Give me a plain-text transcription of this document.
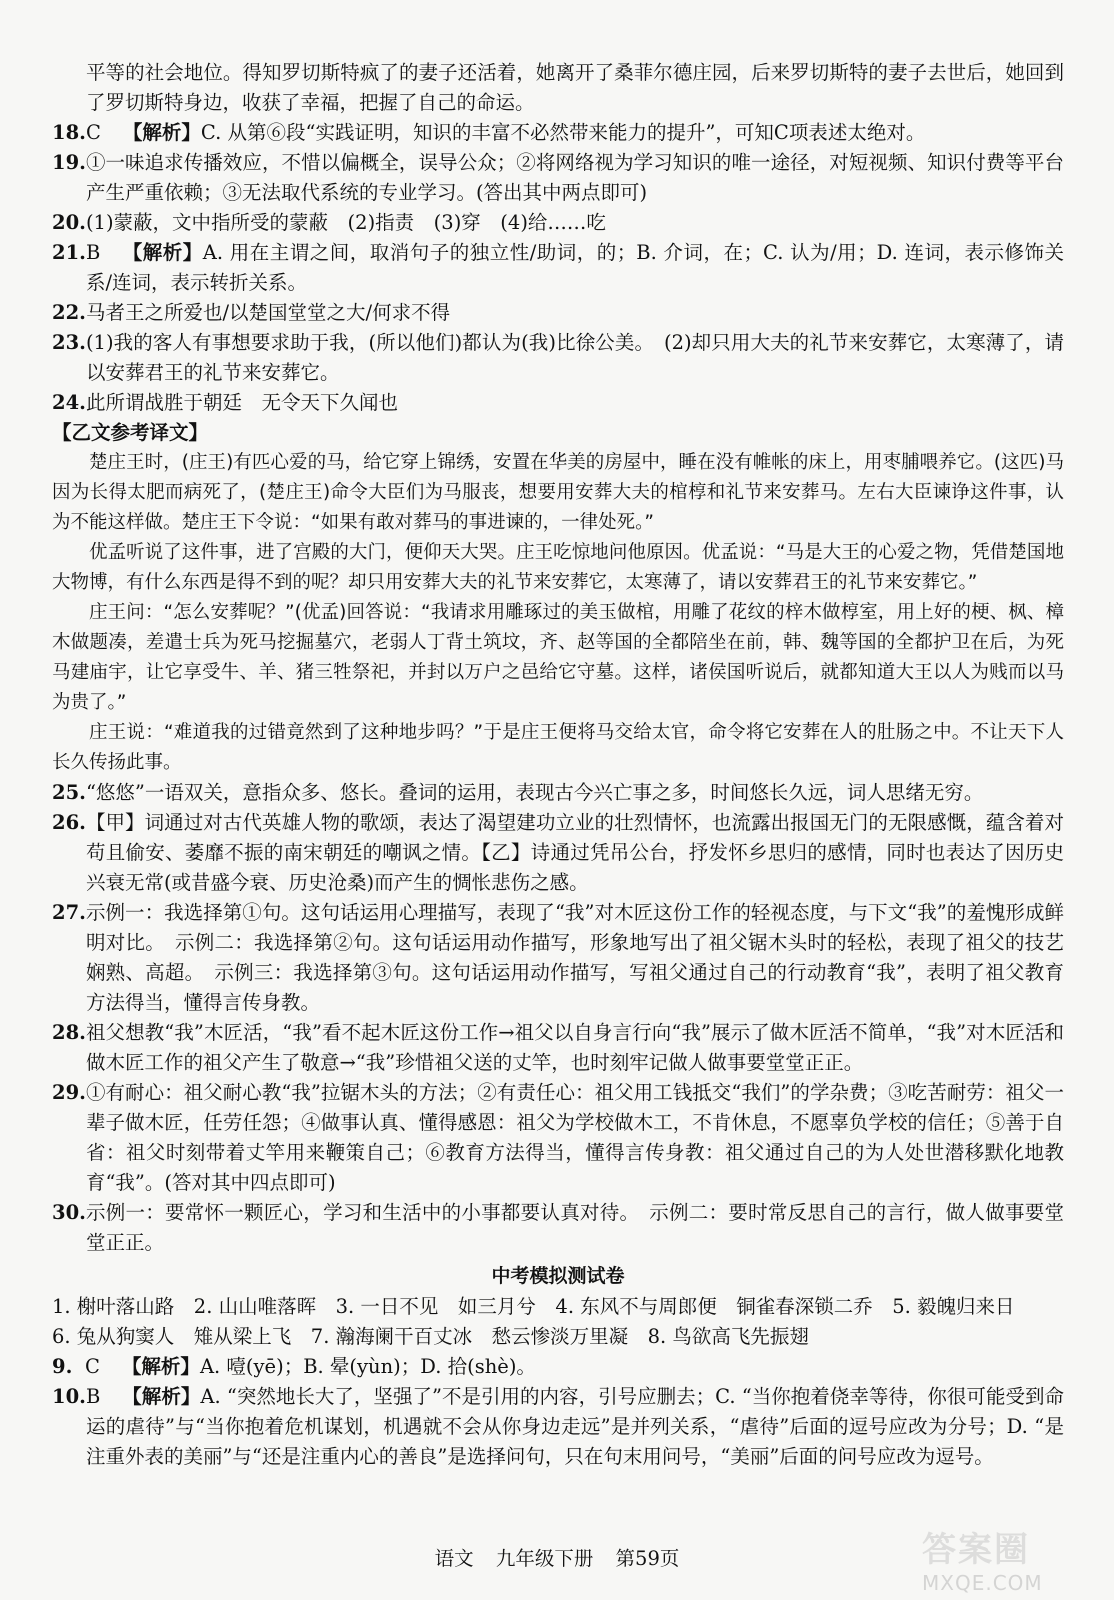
平等的社会地位。得知罗切斯特疯了的妻子还活着，她离开了桑菲尔德庄园，后来罗切斯特的妻子去世后，她回到了罗切斯特身边，收获了幸福，把握了自己的命运。

18. C 【解析】C. 从第⑥段“实践证明，知识的丰富不必然带来能力的提升”，可知C项表述太绝对。
19. ①一味追求传播效应，不惜以偏概全，误导公众；②将网络视为学习知识的唯一途径，对短视频、知识付费等平台产生严重依赖；③无法取代系统的专业学习。(答出其中两点即可)
20. (1)蒙蔽，文中指所受的蒙蔽　(2)指责　(3)穿　(4)给……吃
21. B 【解析】A. 用在主谓之间，取消句子的独立性/助词，的；B. 介词，在；C. 认为/用；D. 连词，表示修饰关系/连词，表示转折关系。
22. 马者王之所爱也/以楚国堂堂之大/何求不得
23. (1)我的客人有事想要求助于我，(所以他们)都认为(我)比徐公美。　(2)却只用大夫的礼节来安葬它，太寒薄了，请以安葬君王的礼节来安葬它。
24. 此所谓战胜于朝廷　无令天下久闻也
【乙文参考译文】

楚庄王时，(庄王)有匹心爱的马，给它穿上锦绣，安置在华美的房屋中，睡在没有帷帐的床上，用枣脯喂养它。(这匹)马因为长得太肥而病死了，(楚庄王)命令大臣们为马服丧，想要用安葬大夫的棺椁和礼节来安葬马。左右大臣谏诤这件事，认为不能这样做。楚庄王下令说：“如果有敢对葬马的事进谏的，一律处死。”

优孟听说了这件事，进了宫殿的大门，便仰天大哭。庄王吃惊地问他原因。优孟说：“马是大王的心爱之物，凭借楚国地大物博，有什么东西是得不到的呢？却只用安葬大夫的礼节来安葬它，太寒薄了，请以安葬君王的礼节来安葬它。”

庄王问：“怎么安葬呢？”(优孟)回答说：“我请求用雕琢过的美玉做棺，用雕了花纹的梓木做椁室，用上好的梗、枫、樟木做题凑，差遣士兵为死马挖掘墓穴，老弱人丁背土筑坟，齐、赵等国的全都陪坐在前，韩、魏等国的全都护卫在后，为死马建庙宇，让它享受牛、羊、猪三牲祭祀，并封以万户之邑给它守墓。这样，诸侯国听说后，就都知道大王以人为贱而以马为贵了。”

庄王说：“难道我的过错竟然到了这种地步吗？”于是庄王便将马交给太官，命令将它安葬在人的肚肠之中。不让天下人长久传扬此事。

25. “悠悠”一语双关，意指众多、悠长。叠词的运用，表现古今兴亡事之多，时间悠长久远，词人思绪无穷。
26. 【甲】词通过对古代英雄人物的歌颂，表达了渴望建功立业的壮烈情怀，也流露出报国无门的无限感慨，蕴含着对苟且偷安、萎靡不振的南宋朝廷的嘲讽之情。【乙】诗通过凭吊公台，抒发怀乡思归的感情，同时也表达了因历史兴衰无常(或昔盛今衰、历史沧桑)而产生的惆怅悲伤之感。
27. 示例一：我选择第①句。这句话运用心理描写，表现了“我”对木匠这份工作的轻视态度，与下文“我”的羞愧形成鲜明对比。　示例二：我选择第②句。这句话运用动作描写，形象地写出了祖父锯木头时的轻松，表现了祖父的技艺娴熟、高超。　示例三：我选择第③句。这句话运用动作描写，写祖父通过自己的行动教育“我”，表明了祖父教育方法得当，懂得言传身教。
28. 祖父想教“我”木匠活，“我”看不起木匠这份工作→祖父以自身言行向“我”展示了做木匠活不简单，“我”对木匠活和做木匠工作的祖父产生了敬意→“我”珍惜祖父送的丈竿，也时刻牢记做人做事要堂堂正正。
29. ①有耐心：祖父耐心教“我”拉锯木头的方法；②有责任心：祖父用工钱抵交“我们”的学杂费；③吃苦耐劳：祖父一辈子做木匠，任劳任怨；④做事认真、懂得感恩：祖父为学校做木工，不肯休息，不愿辜负学校的信任；⑤善于自省：祖父时刻带着丈竿用来鞭策自己；⑥教育方法得当，懂得言传身教：祖父通过自己的为人处世潜移默化地教育“我”。(答对其中四点即可)
30. 示例一：要常怀一颗匠心，学习和生活中的小事都要认真对待。　示例二：要时常反思自己的言行，做人做事要堂堂正正。
中考模拟测试卷
1. 榭叶落山路　2. 山山唯落晖　3. 一日不见　如三月兮　4. 东风不与周郎便　铜雀春深锁二乔　5. 毅魄归来日
6. 兔从狗窦人　雉从梁上飞　7. 瀚海阑干百丈冰　愁云惨淡万里凝　8. 鸟欲高飞先振翅
9. C 【解析】A. 噎(yē)；B. 晕(yùn)；D. 拾(shè)。
10. B 【解析】A. “突然地长大了，坚强了”不是引用的内容，引号应删去；C. “当你抱着侥幸等待，你很可能受到命运的虐待”与“当你抱着危机谋划，机遇就不会从你身边走远”是并列关系，“虐待”后面的逗号应改为分号；D. “是注重外表的美丽”与“还是注重内心的善良”是选择问句，只在句末用问号，“美丽”后面的问号应改为逗号。
语文 九年级下册 第59页	答案圈
MXQE.COM
